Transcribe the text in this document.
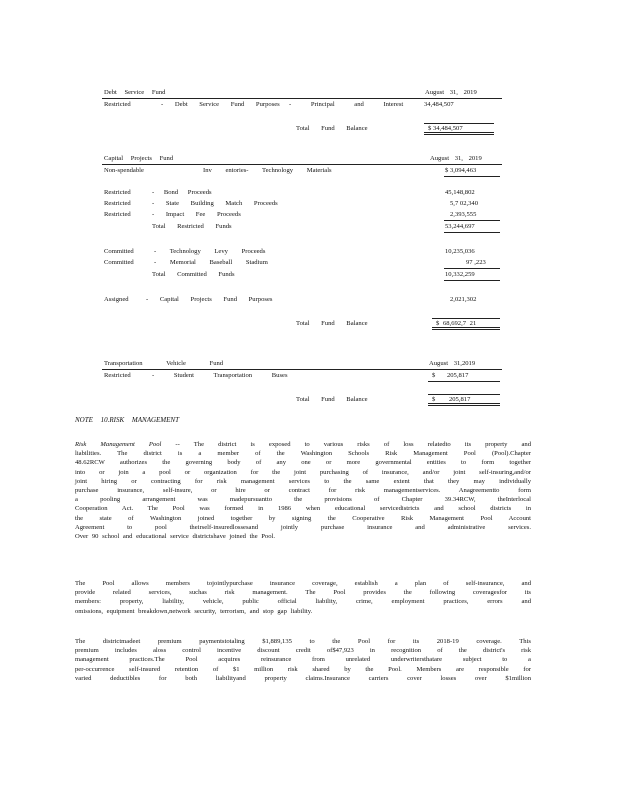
Debt Service Fund	August 31, 2019
Restricted	- Debt Service Fund Purposes - Principal and Interest	34,484,507
Total Fund Balance	$ 34,484,507
Capital Projects Fund	August 31, 2019
Non-spendable	Inv entories- Technology Materials	$ 3,094,463
Restricted	- Bond Proceeds	45,148,802
Restricted	- State Building Match Proceeds	5,7 02,340
Restricted	- Impact Fee Proceeds	2,393,555
Total Restricted Funds	53,244,697
Committed	- Technology Levy Proceeds	10,235,036
Committed	- Memorial Baseball Stadium	97 ,223
Total Committed Funds	10,332,259
Assigned	- Capital Projects Fund Purposes	2,021,302
Total Fund Balance	$ 68,692,7 21
Transportation Vehicle Fund	August 31,2019
Restricted	- Student Transportation Buses	$ 205,817
Total Fund Balance	$ 205,817
NOTE 10.RISK MANAGEMENT
Risk Management Pool -- The district is exposed to various risks of loss relatedto its property and
liabilities. The district is a member of the Washington Schools Risk Management Pool (Pool).Chapter
48.62RCW authorizes the governing body of any one or more governmental entities to form together
into or join a pool or organization for the joint purchasing of insurance, and/or joint self-insuring,and/or
joint hiring or contracting for risk management services to the same extent that they may individually
purchase insurance, self-insure, or hire or contract for risk managementservices. Anagreementto form
a pooling arrangement was madepursuantto the provisions of Chapter 39.34RCW, theInterlocal
Cooperation Act. The Pool was formed in 1986 when educational servicedistricts and school districts in
the state of Washington joined together by signing the Cooperative Risk Management Pool Account
Agreement to pool theirself-insuredlossesand jointly purchase insurance and administrative services.
Over 90 school and educational service districtshave joined the Pool.
The Pool allows members tojointlypurchase insurance coverage, establish a plan of self-insurance, and
provide related services, suchas risk management. The Pool provides the following coveragesfor its
members: property, liability, vehicle, public official liability, crime, employment practices, errors and
omissions, equipment breakdown,network security, terrorism, and stop gap liability.
The districtmadeet premium paymentstotaling $1,889,135 to the Pool for its 2018-19 coverage. This
premium includes aloss control incentive discount credit of$47,923 in recognition of the district's risk
management practices.The Pool acquires reinsurance from unrelated underwritersthatare subject to a
per-occurrence self-insured retention of $1 million risk shared by the Pool. Members are responsible for
varied deductibles for both liabilityand property claims.Insurance carriers cover losses over $1million
